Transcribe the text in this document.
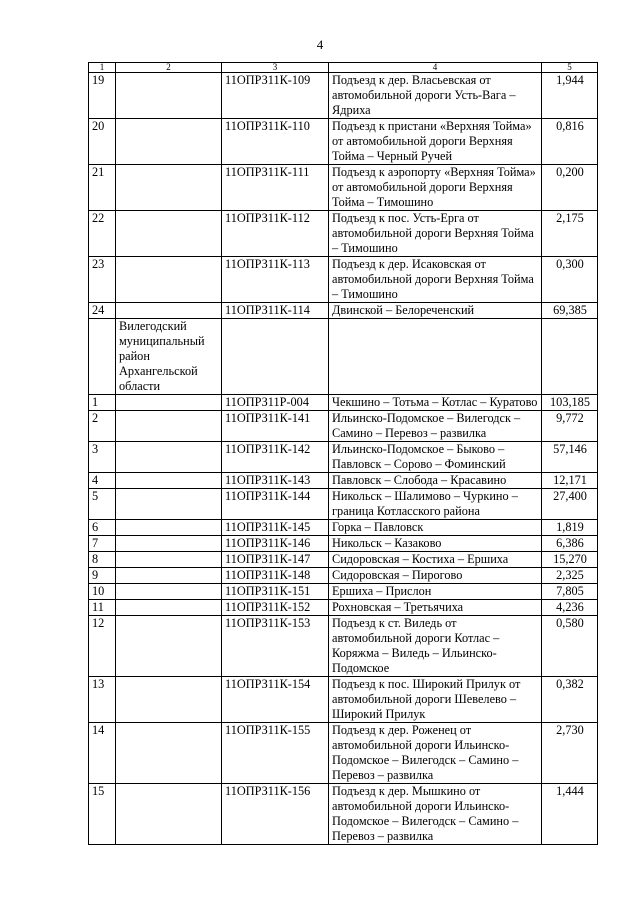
4
1	2	3	4	5
19		11ОПРЗ11К-109	Подъезд к дер. Власьевская от автомобильной дороги Усть-Вага – Ядриха	1,944
20		11ОПРЗ11К-110	Подъезд к пристани «Верхняя Тойма» от автомобильной дороги Верхняя Тойма – Черный Ручей	0,816
21		11ОПРЗ11К-111	Подъезд к аэропорту «Верхняя Тойма» от автомобильной дороги Верхняя Тойма – Тимошино	0,200
22		11ОПРЗ11К-112	Подъезд к пос. Усть-Ерга от автомобильной дороги Верхняя Тойма – Тимошино	2,175
23		11ОПРЗ11К-113	Подъезд к дер. Исаковская от автомобильной дороги Верхняя Тойма – Тимошино	0,300
24		11ОПРЗ11К-114	Двинской – Белореченский	69,385
	Вилегодский муниципальный район Архангельской области			
1		11ОПРЗ11Р-004	Чекшино – Тотьма – Котлас – Куратово	103,185
2		11ОПРЗ11К-141	Ильинско-Подомское – Вилегодск – Самино – Перевоз – развилка	9,772
3		11ОПРЗ11К-142	Ильинско-Подомское – Быково – Павловск – Сорово – Фоминский	57,146
4		11ОПРЗ11К-143	Павловск – Слобода – Красавино	12,171
5		11ОПРЗ11К-144	Никольск – Шалимово – Чуркино – граница Котласского района	27,400
6		11ОПРЗ11К-145	Горка – Павловск	1,819
7		11ОПРЗ11К-146	Никольск – Казаково	6,386
8		11ОПРЗ11К-147	Сидоровская – Костиха – Ершиха	15,270
9		11ОПРЗ11К-148	Сидоровская – Пирогово	2,325
10		11ОПРЗ11К-151	Ершиха – Прислон	7,805
11		11ОПРЗ11К-152	Рохновская – Третьячиха	4,236
12		11ОПРЗ11К-153	Подъезд к ст. Виледь от автомобильной дороги Котлас – Коряжма – Виледь – Ильинско-Подомское	0,580
13		11ОПРЗ11К-154	Подъезд к пос. Широкий Прилук от автомобильной дороги Шевелево – Широкий Прилук	0,382
14		11ОПРЗ11К-155	Подъезд к дер. Роженец от автомобильной дороги Ильинско-Подомское – Вилегодск – Самино – Перевоз – развилка	2,730
15		11ОПРЗ11К-156	Подъезд к дер. Мышкино от автомобильной дороги Ильинско-Подомское – Вилегодск – Самино – Перевоз – развилка	1,444
